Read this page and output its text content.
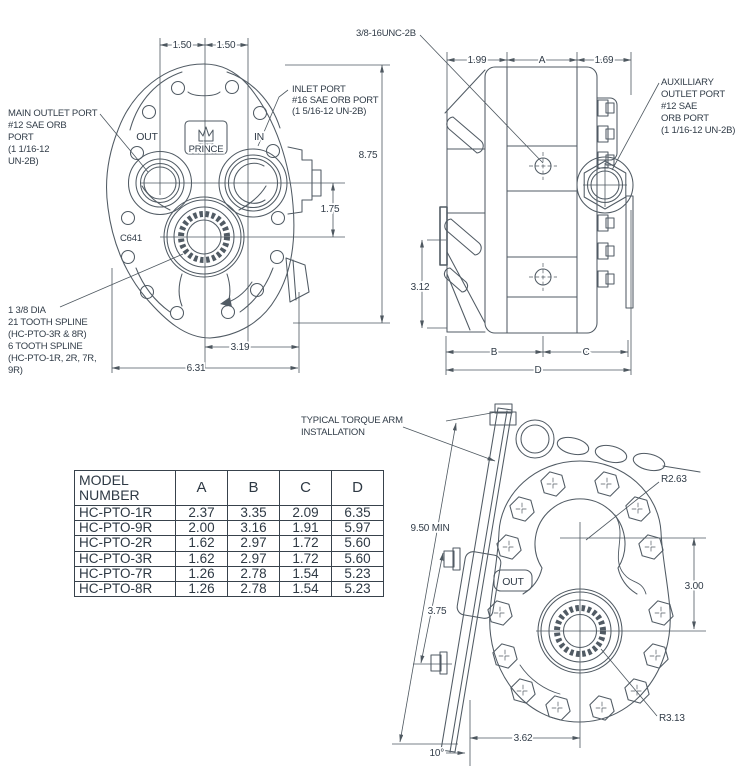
PRINCE
1.50	1.50
8.75
1.75
3.19
6.31
OUT	IN
C641
MAIN OUTLET PORT
#12 SAE ORB
PORT
(1 1/16-12
UN-2B)
INLET PORT
#16 SAE ORB PORT
(1 5/16-12 UN-2B)
1 3/8 DIA
21 TOOTH SPLINE
(HC-PTO-3R & 8R)
6 TOOTH SPLINE
(HC-PTO-1R, 2R, 7R,
9R)
1.99	A	1.69
3.12
B	C
D
3/8-16UNC-2B
AUXILLIARY
OUTLET PORT
#12 SAE
ORB PORT
(1 1/16-12 UN-2B)
OUT
TYPICAL TORQUE ARM
INSTALLATION
9.50 MIN
3.75
3.00
3.62
10°
R2.63
R3.13
MODEL
NUMBER	A	B	C	D
HC-PTO-1R	2.37	3.35	2.09	6.35
HC-PTO-9R	2.00	3.16	1.91	5.97
HC-PTO-2R	1.62	2.97	1.72	5.60
HC-PTO-3R	1.62	2.97	1.72	5.60
HC-PTO-7R	1.26	2.78	1.54	5.23
HC-PTO-8R	1.26	2.78	1.54	5.23
